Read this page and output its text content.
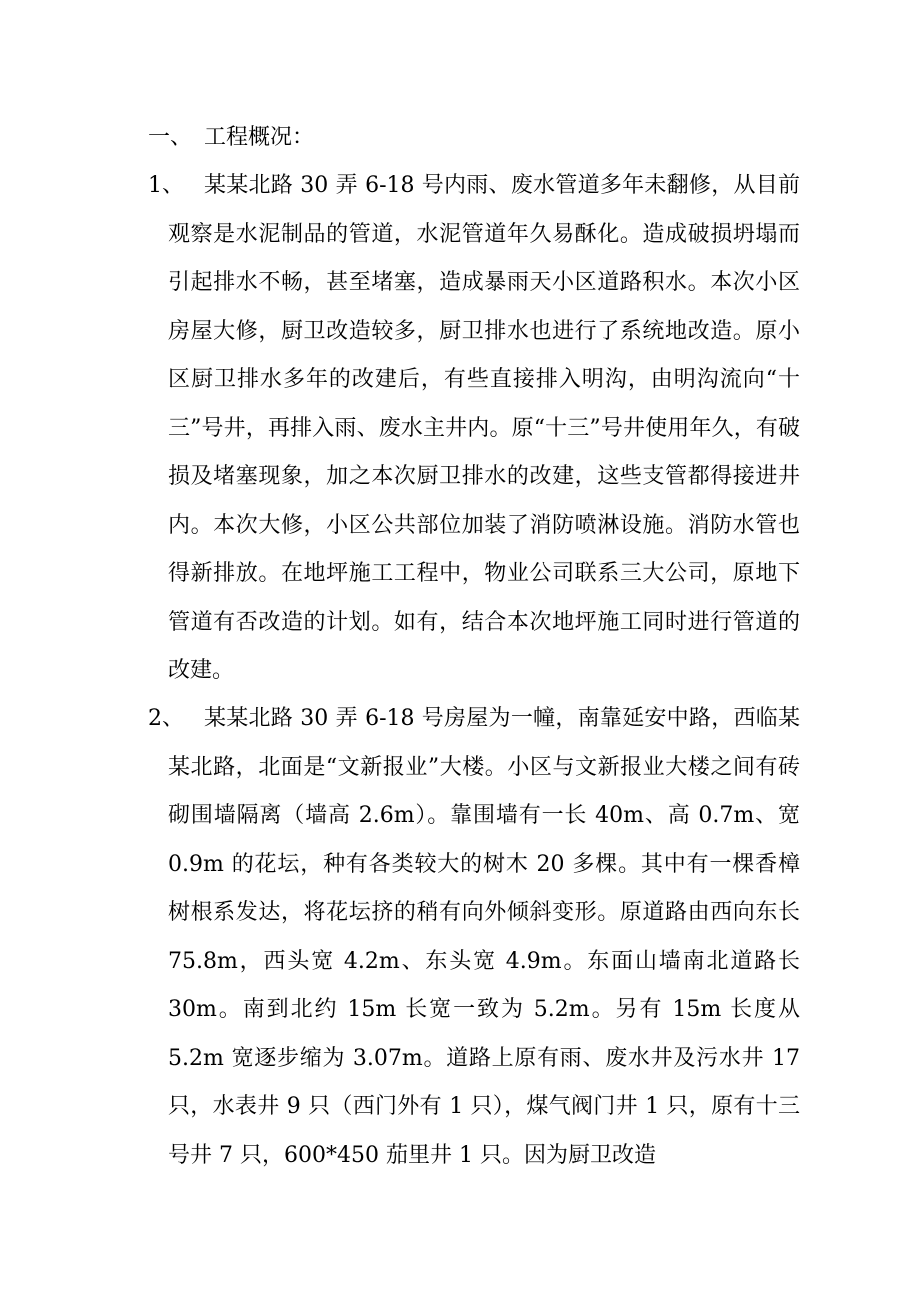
一、 工程概况：
1、 某某北路 30 弄 6-18 号内雨、废水管道多年未翻修，从目前观察是水泥制品的管道，水泥管道年久易酥化。造成破损坍塌而引起排水不畅，甚至堵塞，造成暴雨天小区道路积水。本次小区房屋大修，厨卫改造较多，厨卫排水也进行了系统地改造。原小区厨卫排水多年的改建后，有些直接排入明沟，由明沟流向“十三”号井，再排入雨、废水主井内。原“十三”号井使用年久，有破损及堵塞现象，加之本次厨卫排水的改建，这些支管都得接进井内。本次大修，小区公共部位加装了消防喷淋设施。消防水管也得新排放。在地坪施工工程中，物业公司联系三大公司，原地下管道有否改造的计划。如有，结合本次地坪施工同时进行管道的改建。
2、 某某北路 30 弄 6-18 号房屋为一幢，南靠延安中路，西临某某北路，北面是“文新报业”大楼。小区与文新报业大楼之间有砖砌围墙隔离（墙高 2.6m）。靠围墙有一长 40m、高 0.7m、宽 0.9m 的花坛，种有各类较大的树木 20 多棵。其中有一棵香樟树根系发达，将花坛挤的稍有向外倾斜变形。原道路由西向东长 75.8m，西头宽 4.2m、东头宽 4.9m。东面山墙南北道路长 30m。南到北约 15m 长宽一致为 5.2m。另有 15m 长度从 5.2m 宽逐步缩为 3.07m。道路上原有雨、废水井及污水井 17 只，水表井 9 只（西门外有 1 只），煤气阀门井 1 只，原有十三号井 7 只，600*450 茄里井 1 只。因为厨卫改造
